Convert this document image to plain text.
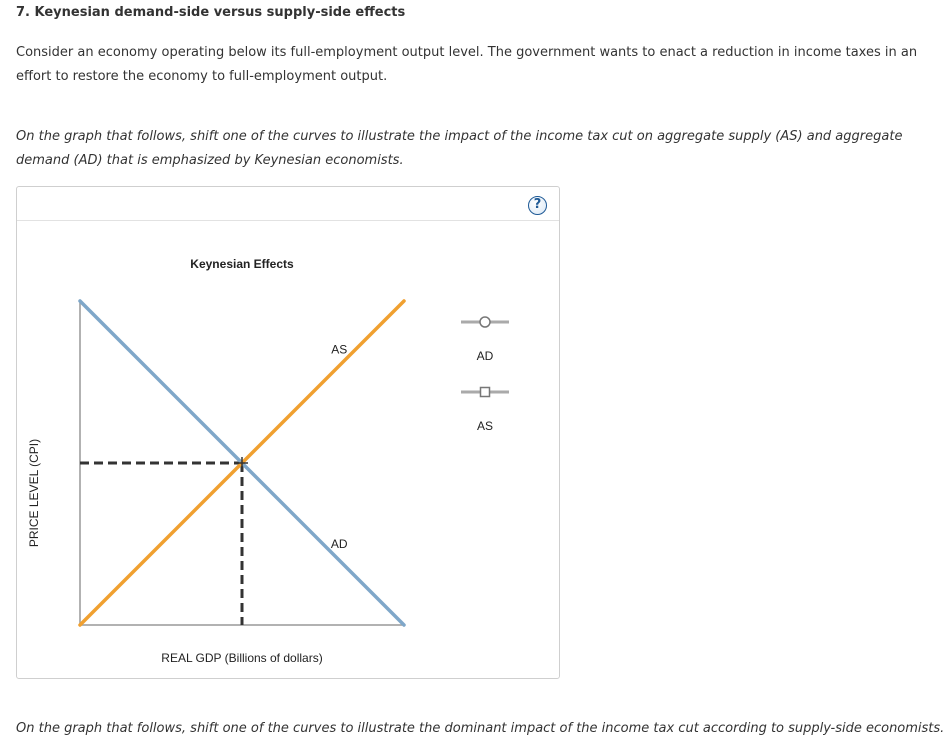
7. Keynesian demand-side versus supply-side effects
Consider an economy operating below its full-employment output level. The government wants to enact a reduction in income taxes in an effort to restore the economy to full-employment output.
On the graph that follows, shift one of the curves to illustrate the impact of the income tax cut on aggregate supply (AS) and aggregate demand (AD) that is emphasized by Keynesian economists.
?
Keynesian Effects
AS
AD
REAL GDP (Billions of dollars)
PRICE LEVEL (CPI)
AD
AS
On the graph that follows, shift one of the curves to illustrate the dominant impact of the income tax cut according to supply-side economists.
